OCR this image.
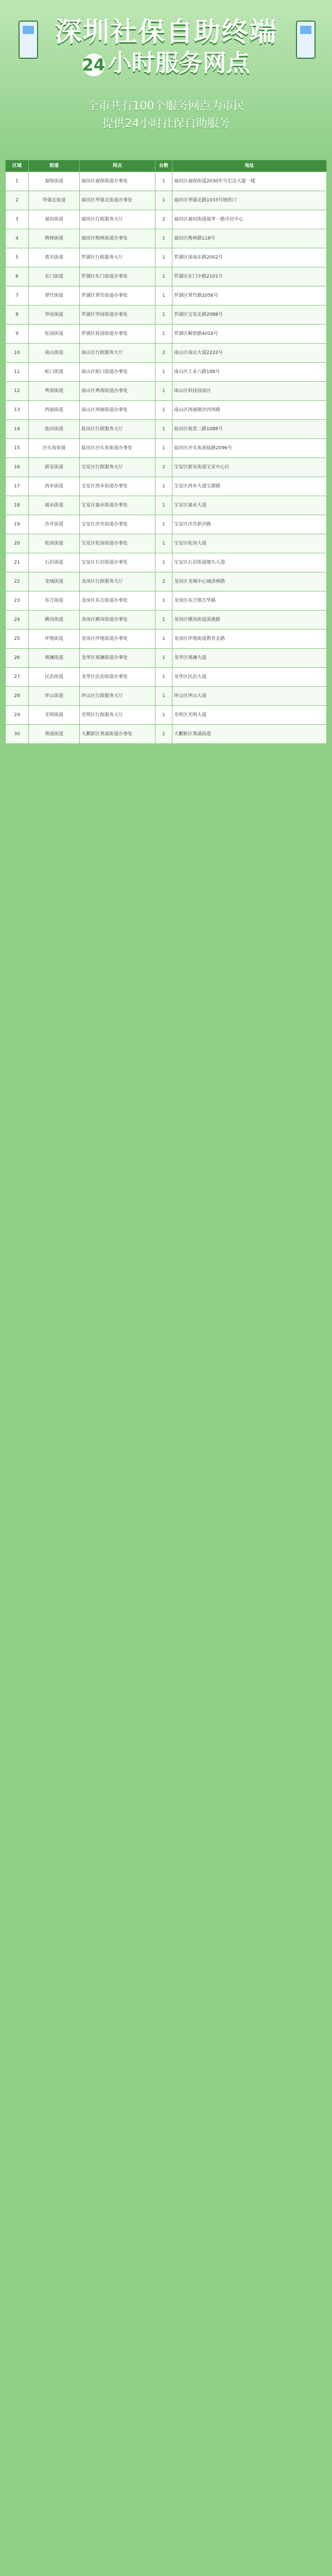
深圳社保自助终端
24 小时服务网点
全市共有100个服务网点为市民
提供24小时社保自助服务
区域	街道	网点	台数	地址
1	福保街道	福田区福保街道办事处	1	福田区福保街道2030年号宏达大厦一楼
2	华强北街道	福田区华强北街道办事处	1	福田区华强北路1033号地铁口
3	福田街道	福田区行政服务大厅	2	福田区福田街道福华一路市民中心
4	梅林街道	福田区梅林街道办事处	1	福田区梅林路118号
5	黄贝街道	罗湖区行政服务大厅	1	罗湖区深南东路2002号
6	东门街道	罗湖区东门街道办事处	1	罗湖区东门中路2101号
7	翠竹街道	罗湖区翠竹街道办事处	1	罗湖区翠竹路2056号
8	笋岗街道	罗湖区笋岗街道办事处	1	罗湖区宝安北路2088号
9	桂园街道	罗湖区桂园街道办事处	1	罗湖区解放路4016号
10	南山街道	南山区行政服务大厅	2	南山区南山大道2222号
11	蛇口街道	南山区蛇口街道办事处	1	南山区工业八路188号
12	粤海街道	南山区粤海街道办事处	1	南山区科技园南区
13	西丽街道	南山区西丽街道办事处	1	南山区西丽镇沙河西路
14	盐田街道	盐田区行政服务大厅	1	盐田区海景二路1088号
15	沙头角街道	盐田区沙头角街道办事处	1	盐田区沙头角深盐路2096号
16	新安街道	宝安区行政服务大厅	2	宝安区新安街道宝安中心区
17	西乡街道	宝安区西乡街道办事处	1	宝安区西乡大道宝源路
18	福永街道	宝安区福永街道办事处	1	宝安区福永大道
19	沙井街道	宝安区沙井街道办事处	1	宝安区沙井新沙路
20	松岗街道	宝安区松岗街道办事处	1	宝安区松岗大道
21	石岩街道	宝安区石岩街道办事处	1	宝安区石岩街道塘头大道
22	龙城街道	龙岗区行政服务大厅	2	龙岗区龙城中心城清林路
23	布吉街道	龙岗区布吉街道办事处	1	龙岗区布吉镇吉华路
24	横岗街道	龙岗区横岗街道办事处	1	龙岗区横岗街道深惠路
25	坪地街道	龙岗区坪地街道办事处	1	龙岗区坪地街道教育北路
26	观澜街道	龙华区观澜街道办事处	1	龙华区观澜大道
27	民治街道	龙华区民治街道办事处	1	龙华区民治大道
28	坪山街道	坪山区行政服务大厅	1	坪山区坪山大道
29	光明街道	光明区行政服务大厅	1	光明区光明大道
30	葵涌街道	大鹏新区葵涌街道办事处	1	大鹏新区葵涌街道
